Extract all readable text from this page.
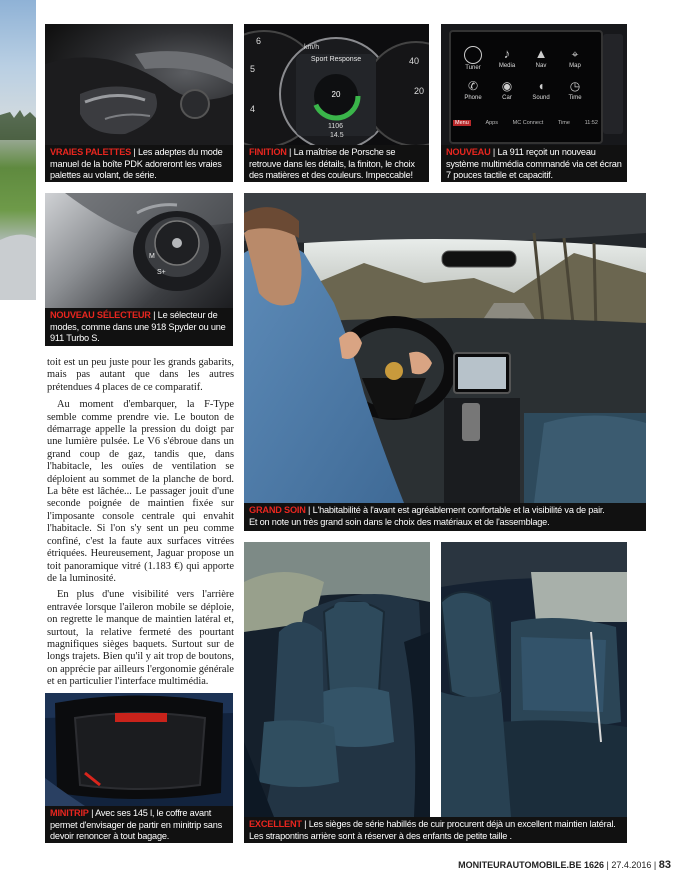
VRAIES PALETTES | Les adeptes du mode manuel de la boîte PDK adoreront les vraies palettes au volant, de série.
6
5
4
40
20
km/h
Sport Response
20
1106
14.5
FINITION | La maîtrise de Porsche se retrouve dans les détails, la finiton, le choix des matières et des couleurs. Impeccable!
Tuner
♪
Media
▲
Nav
⌖
Map
✆
Phone
◉
Car
◖
Sound
◷
Time
Menu	Apps	MC Connect	Time	11:52
NOUVEAU | La 911 reçoit un nouveau système multimédia commandé via cet écran 7 pouces tactile et capacitif.
M
S+
NOUVEAU SÉLECTEUR | Le sélecteur de modes, comme dans une 918 Spyder ou une 911 Turbo S.
GRAND SOIN | L'habitabilité à l'avant est agréablement confortable et la visibilité va de pair.
Et on note un très grand soin dans le choix des matériaux et de l'assemblage.

toit est un peu juste pour les grands gabarits, mais pas autant que dans les autres prétendues 4 places de ce comparatif.

Au moment d'embarquer, la F-Type semble comme prendre vie. Le bouton de démarrage appelle la pression du doigt par une lumière pulsée. Le V6 s'ébroue dans un grand coup de gaz, tandis que, dans l'habitacle, les ouïes de ventilation se déploient au sommet de la planche de bord. La bête est lâchée... Le passager jouit d'une seconde poignée de maintien fixée sur l'imposante console centrale qui envahit l'habitacle. Si l'on s'y sent un peu comme confiné, c'est la faute aux surfaces vitrées étriquées. Heureusement, Jaguar propose un toit panoramique vitré (1.183 €) qui apporte de la luminosité.

En plus d'une visibilité vers l'arrière entravée lorsque l'aileron mobile se déploie, on regrette le manque de maintien latéral et, surtout, la relative fermeté des pourtant magnifiques sièges baquets. Surtout sur de longs trajets. Bien qu'il y ait trop de boutons, on apprécie par ailleurs l'ergonomie générale et en particulier l'interface multimédia.

MINITRIP | Avec ses 145 l, le coffre avant permet d'envisager de partir en minitrip sans devoir renoncer à tout bagage.
EXCELLENT | Les sièges de série habillés de cuir procurent déjà un excellent maintien latéral.
Les strapontins arrière sont à réserver à des enfants de petite taille .
MONITEURAUTOMOBILE.BE 1626 | 27.4.2016 | 83
